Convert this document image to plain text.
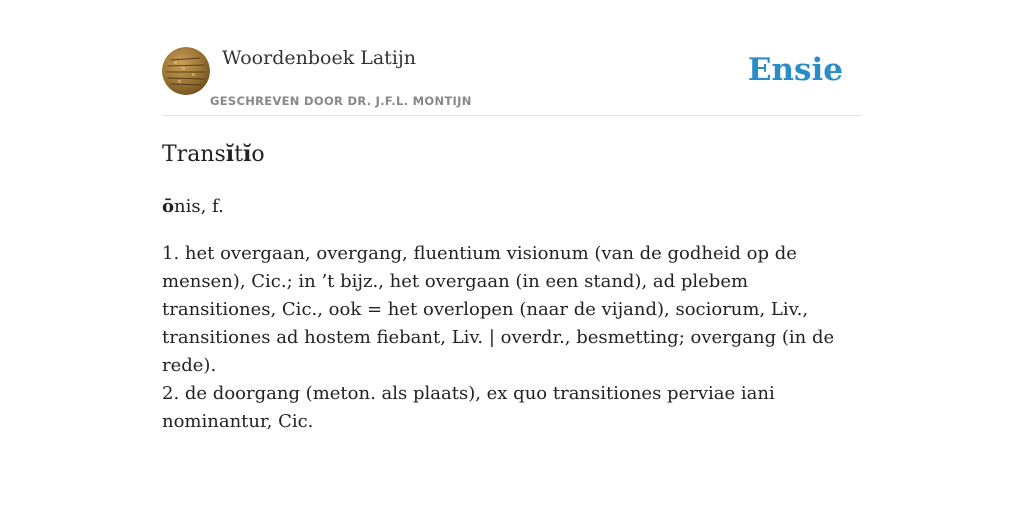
Woordenboek Latijn
GESCHREVEN DOOR DR. J.F.L. MONTIJN
Ensie
Transĭtĭo
ōnis, f.
1. het overgaan, overgang, fluentium visionum (van de godheid op de mensen), Cic.; in ’t bijz., het overgaan (in een stand), ad plebem transitiones, Cic., ook = het overlopen (naar de vijand), sociorum, Liv., transitiones ad hostem fiebant, Liv. | overdr., besmetting; overgang (in de rede).
2. de doorgang (meton. als plaats), ex quo transitiones perviae iani nominantur, Cic.
